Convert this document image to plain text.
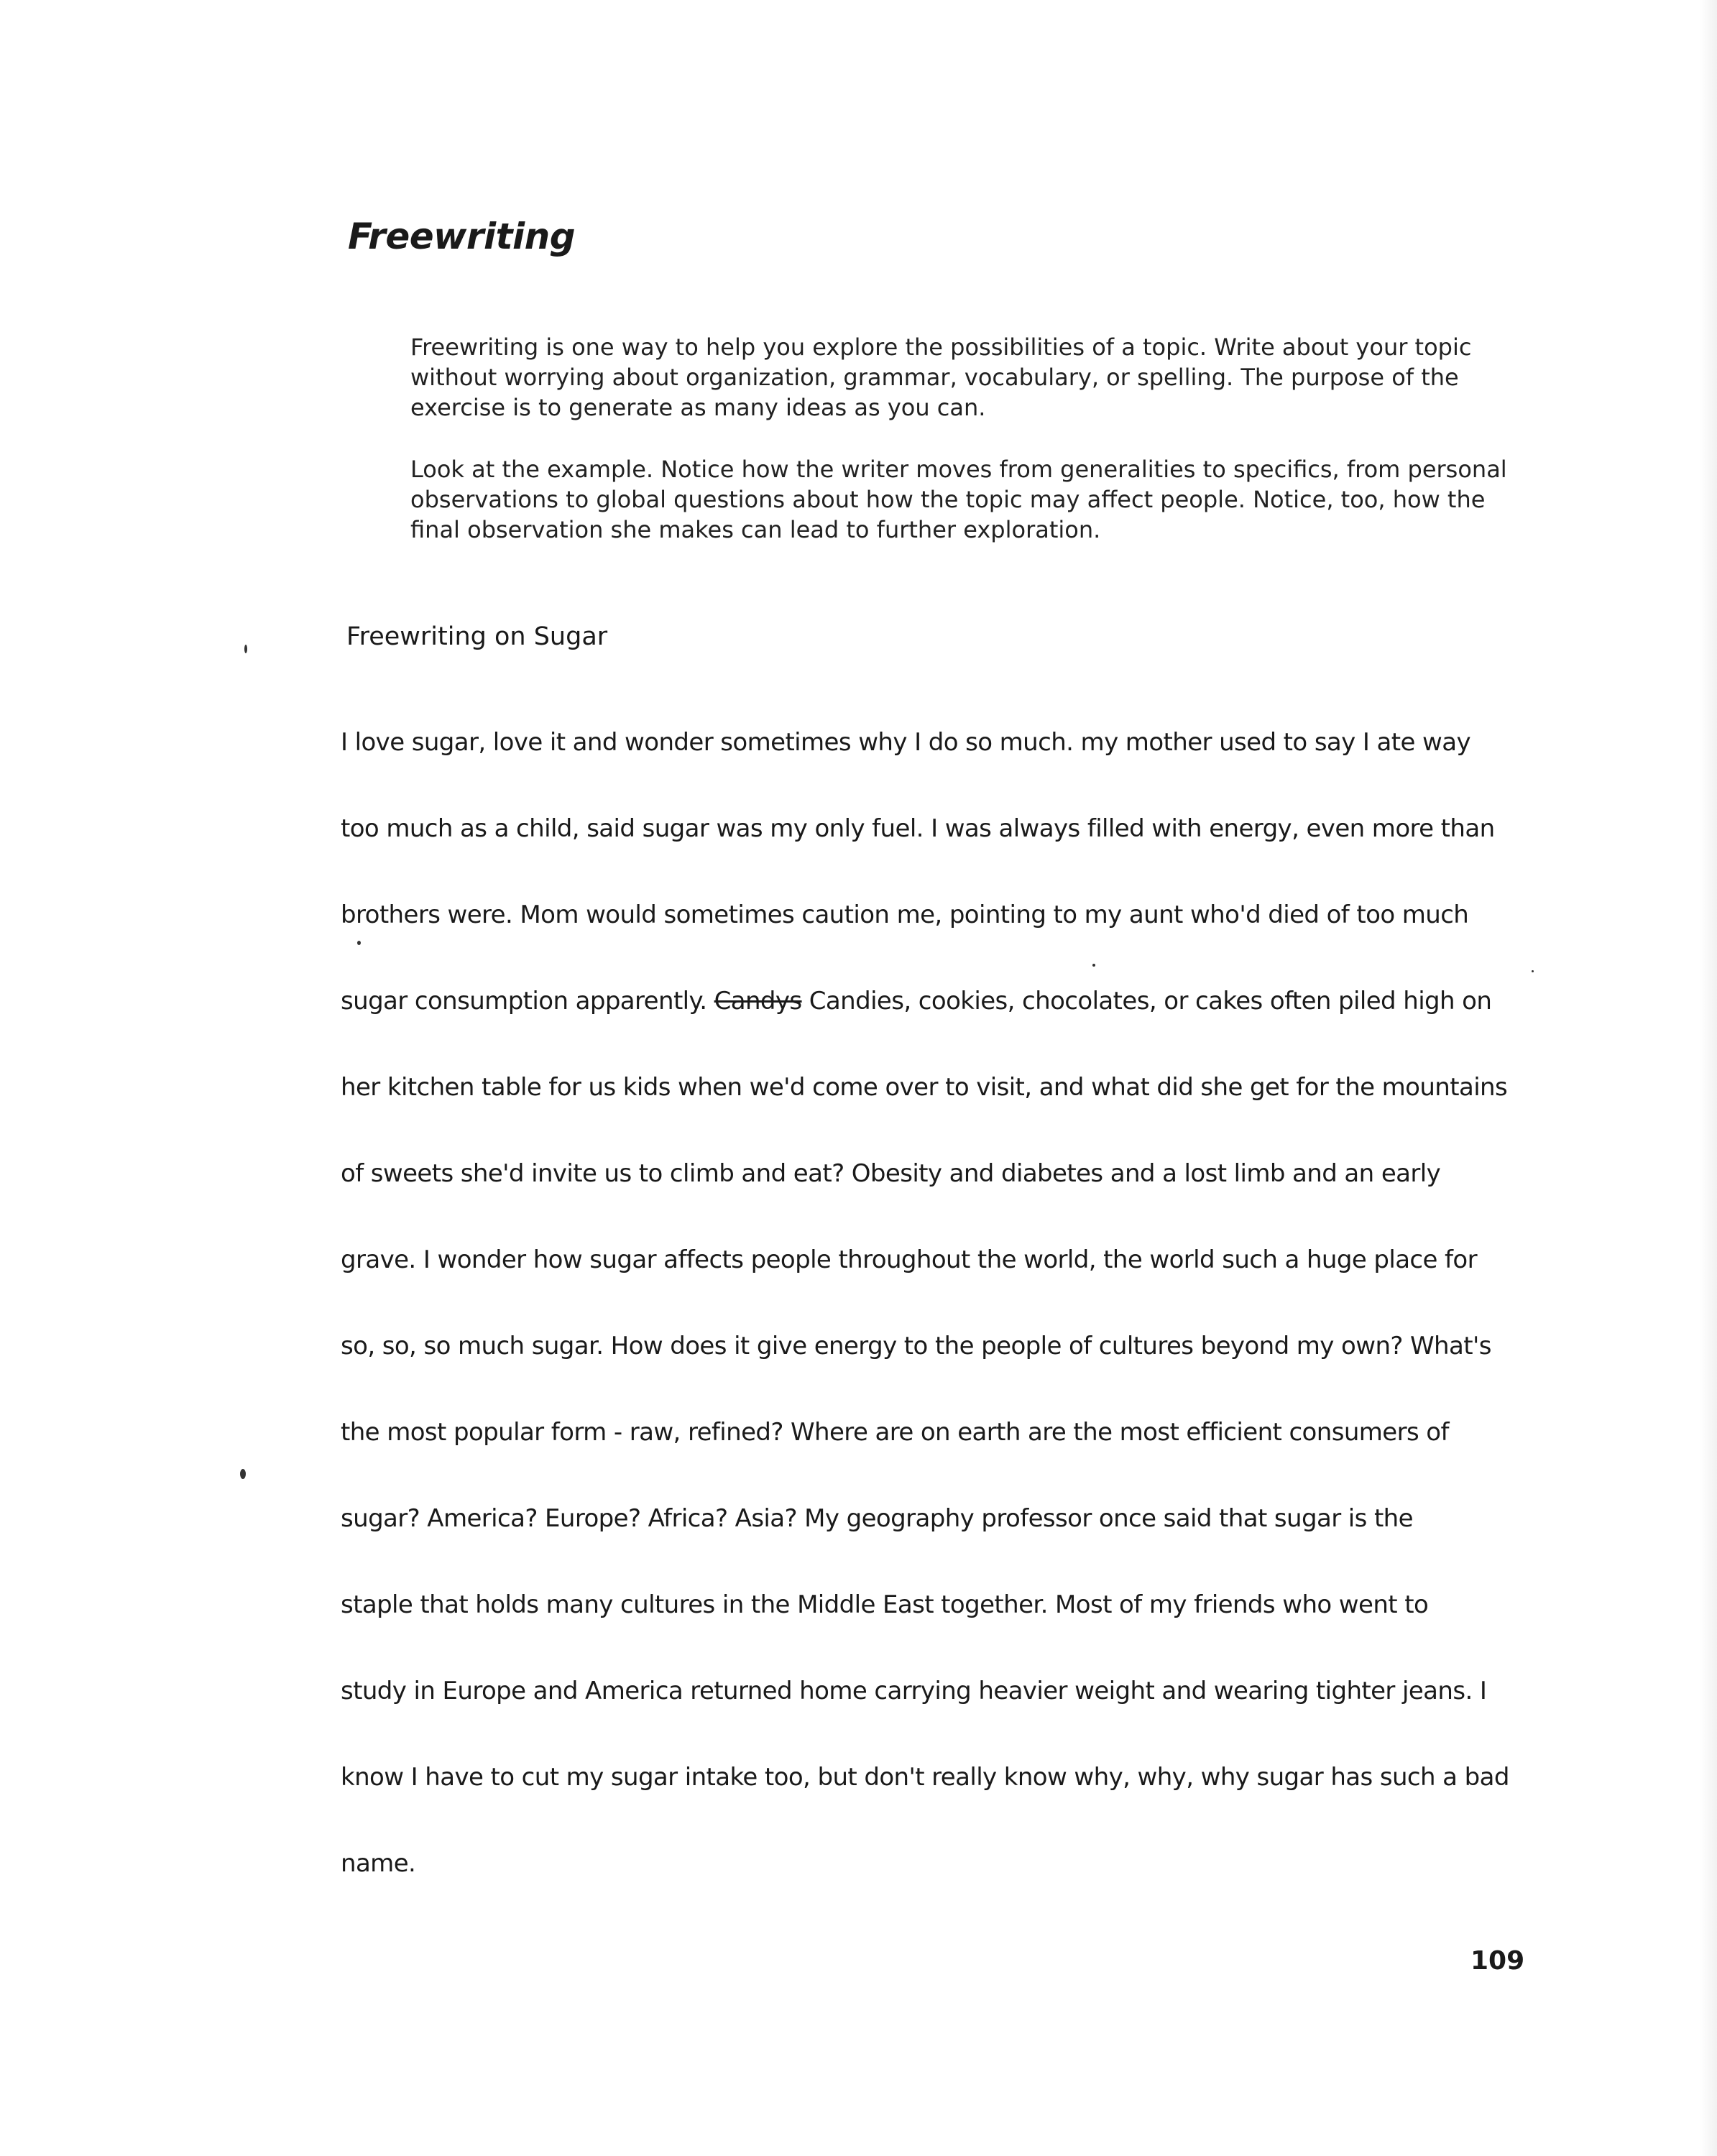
Freewriting

Freewriting is one way to help you explore the possibilities of a topic. Write about your topic without worrying about organization, grammar, vocabulary, or spelling. The purpose of the exercise is to generate as many ideas as you can.

Look at the example. Notice how the writer moves from generalities to specifics, from personal observations to global questions about how the topic may affect people. Notice, too, how the final observation she makes can lead to further exploration.

Freewriting on Sugar
I love sugar, love it and wonder sometimes why I do so much. my mother used to say I ate way
too much as a child, said sugar was my only fuel. I was always filled with energy, even more than
brothers were. Mom would sometimes caution me, pointing to my aunt who'd died of too much
sugar consumption apparently. Candys Candies, cookies, chocolates, or cakes often piled high on
her kitchen table for us kids when we'd come over to visit, and what did she get for the mountains
of sweets she'd invite us to climb and eat? Obesity and diabetes and a lost limb and an early
grave. I wonder how sugar affects people throughout the world, the world such a huge place for
so, so, so much sugar. How does it give energy to the people of cultures beyond my own? What's
the most popular form - raw, refined? Where are on earth are the most efficient consumers of
sugar? America? Europe? Africa? Asia? My geography professor once said that sugar is the
staple that holds many cultures in the Middle East together. Most of my friends who went to
study in Europe and America returned home carrying heavier weight and wearing tighter jeans. I
know I have to cut my sugar intake too, but don't really know why, why, why sugar has such a bad
name.
109
